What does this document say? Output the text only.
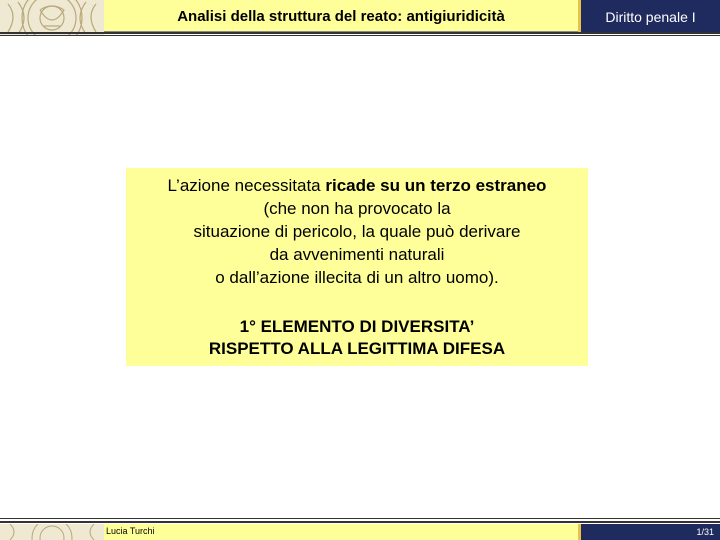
Analisi della struttura del reato: antigiuridicità	Diritto penale I
L’azione necessitata ricade su un terzo estraneo
(che non ha provocato la
situazione di pericolo, la quale può derivare
da avvenimenti naturali
o dall’azione illecita di un altro uomo).
1° ELEMENTO DI DIVERSITA’
RISPETTO ALLA LEGITTIMA DIFESA
Lucia Turchi	1/31
